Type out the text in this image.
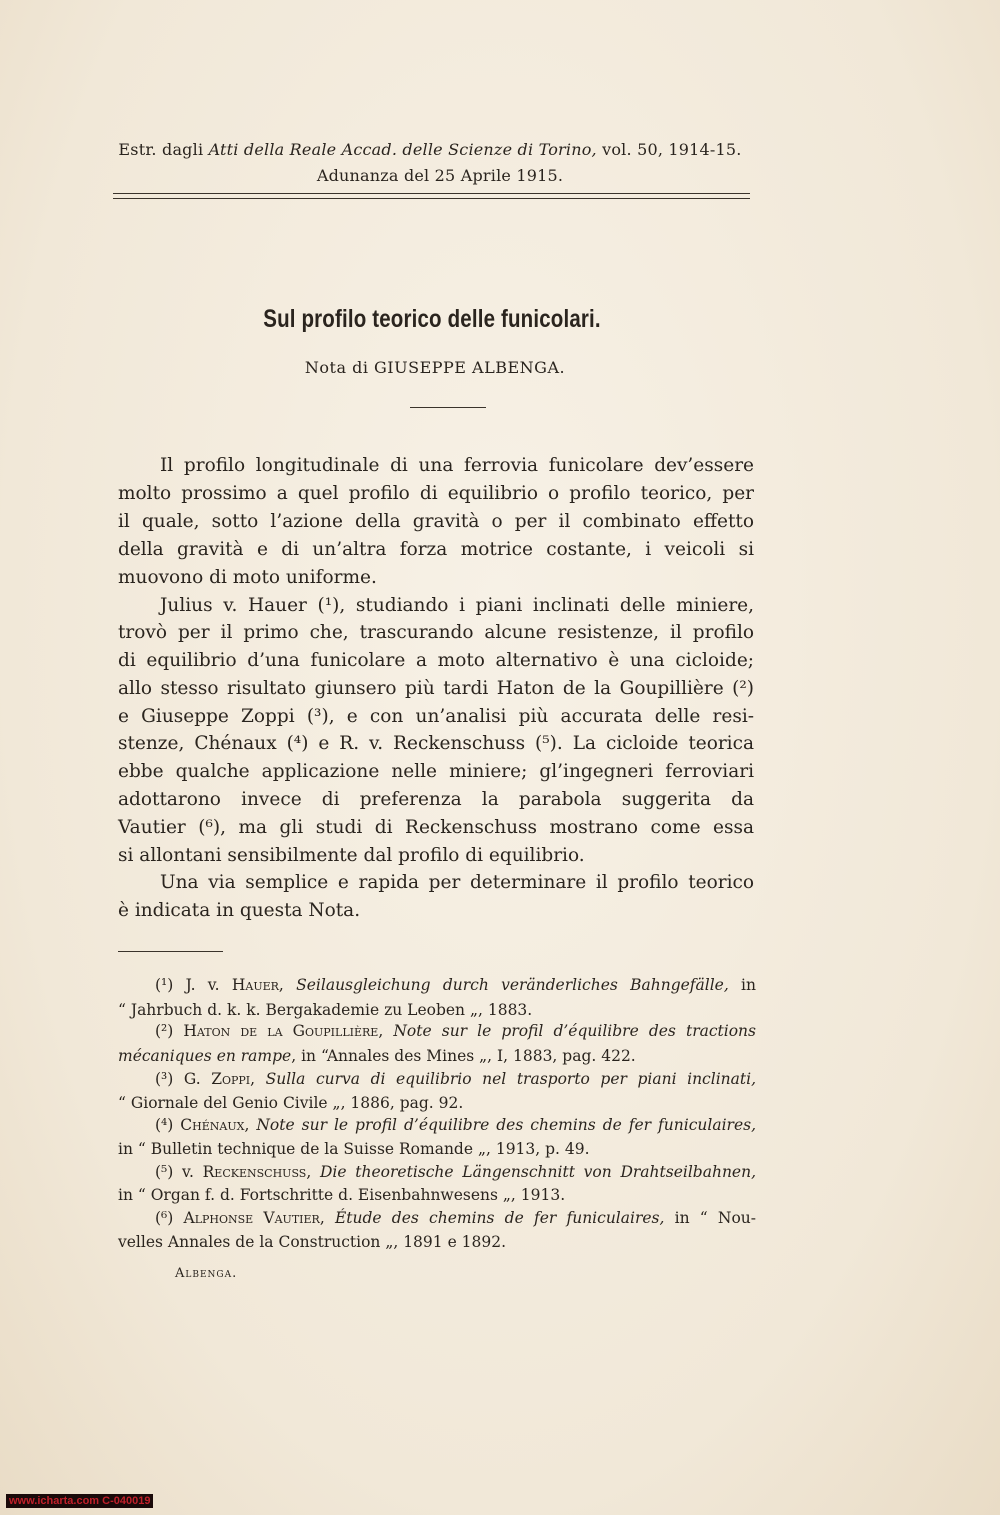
Estr. dagli Atti della Reale Accad. delle Scienze di Torino, vol. 50, 1914-15.
Adunanza del 25 Aprile 1915.
Sul profilo teorico delle funicolari.
Nota di GIUSEPPE ALBENGA.
Il profilo longitudinale di una ferrovia funicolare dev’essere
molto prossimo a quel profilo di equilibrio o profilo teorico, per
il quale, sotto l’azione della gravità o per il combinato effetto
della gravità e di un’altra forza motrice costante, i veicoli si
muovono di moto uniforme.
Julius v. Hauer (¹), studiando i piani inclinati delle miniere,
trovò per il primo che, trascurando alcune resistenze, il profilo
di equilibrio d’una funicolare a moto alternativo è una cicloide;
allo stesso risultato giunsero più tardi Haton de la Goupillière (²)
e Giuseppe Zoppi (³), e con un’analisi più accurata delle resi-
stenze, Chénaux (⁴) e R. v. Reckenschuss (⁵). La cicloide teorica
ebbe qualche applicazione nelle miniere; gl’ingegneri ferroviari
adottarono invece di preferenza la parabola suggerita da
Vautier (⁶), ma gli studi di Reckenschuss mostrano come essa
si allontani sensibilmente dal profilo di equilibrio.
Una via semplice e rapida per determinare il profilo teorico
è indicata in questa Nota.
(¹) J. v. Hauer, Seilausgleichung durch veränderliches Bahngefälle, in
“ Jahrbuch d. k. k. Bergakademie zu Leoben „, 1883.
(²) Haton de la Goupillière, Note sur le profil d’équilibre des tractions
mécaniques en rampe, in “Annales des Mines „, I, 1883, pag. 422.
(³) G. Zoppi, Sulla curva di equilibrio nel trasporto per piani inclinati,
“ Giornale del Genio Civile „, 1886, pag. 92.
(⁴) Chénaux, Note sur le profil d’équilibre des chemins de fer funiculaires,
in “ Bulletin technique de la Suisse Romande „, 1913, p. 49.
(⁵) v. Reckenschuss, Die theoretische Längenschnitt von Drahtseilbahnen,
in “ Organ f. d. Fortschritte d. Eisenbahnwesens „, 1913.
(⁶) Alphonse Vautier, Étude des chemins de fer funiculaires, in “ Nou-
velles Annales de la Construction „, 1891 e 1892.
Albenga.
www.icharta.com C-040019
